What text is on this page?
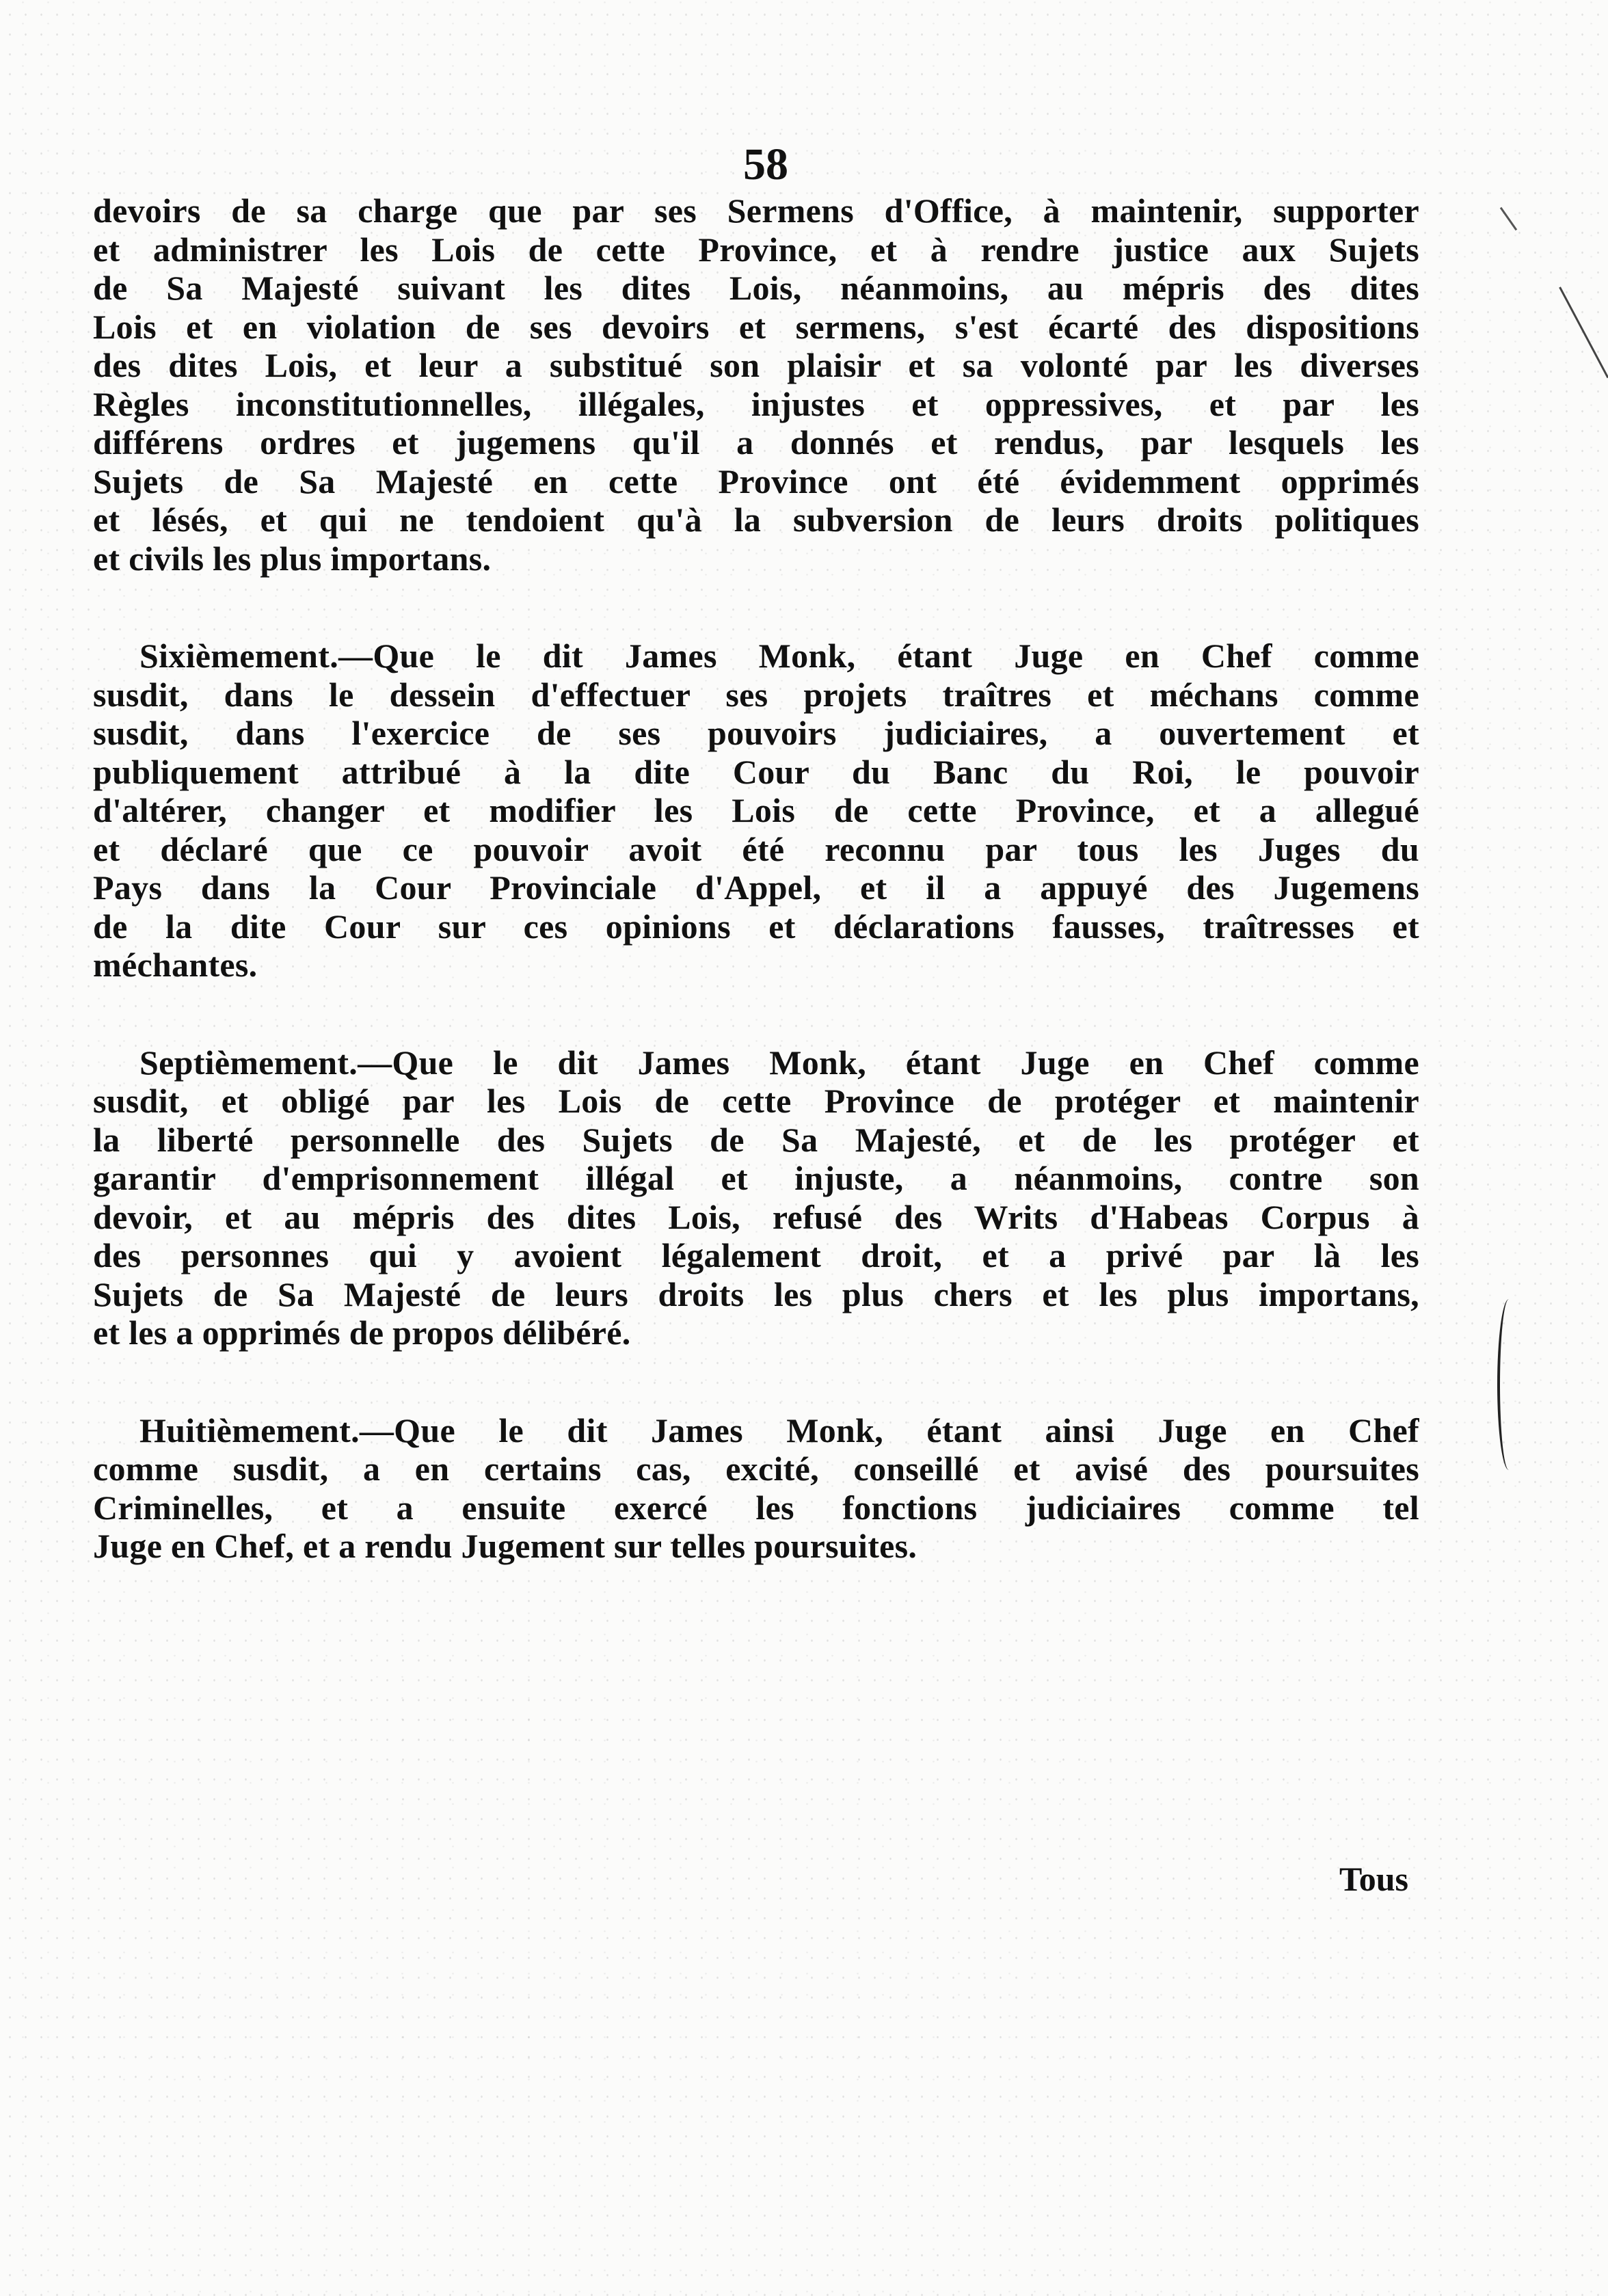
58

devoirs de sa charge que par ses Sermens d'Office, à maintenir, supporter
et administrer les Lois de cette Province, et à rendre justice aux Sujets
de Sa Majesté suivant les dites Lois, néanmoins, au mépris des dites
Lois et en violation de ses devoirs et sermens, s'est écarté des dispositions
des dites Lois, et leur a substitué son plaisir et sa volonté par les diverses
Règles inconstitutionnelles, illégales, injustes et oppressives, et par les
différens ordres et jugemens qu'il a donnés et rendus, par lesquels les
Sujets de Sa Majesté en cette Province ont été évidemment opprimés
et lésés, et qui ne tendoient qu'à la subversion de leurs droits politiques
et civils les plus importans.

Sixièmement.—Que le dit James Monk, étant Juge en Chef comme
susdit, dans le dessein d'effectuer ses projets traîtres et méchans comme
susdit, dans l'exercice de ses pouvoirs judiciaires, a ouvertement et
publiquement attribué à la dite Cour du Banc du Roi, le pouvoir
d'altérer, changer et modifier les Lois de cette Province, et a allegué
et déclaré que ce pouvoir avoit été reconnu par tous les Juges du
Pays dans la Cour Provinciale d'Appel, et il a appuyé des Jugemens
de la dite Cour sur ces opinions et déclarations fausses, traîtresses et
méchantes.

Septièmement.—Que le dit James Monk, étant Juge en Chef comme
susdit, et obligé par les Lois de cette Province de protéger et maintenir
la liberté personnelle des Sujets de Sa Majesté, et de les protéger et
garantir d'emprisonnement illégal et injuste, a néanmoins, contre son
devoir, et au mépris des dites Lois, refusé des Writs d'Habeas Corpus à
des personnes qui y avoient légalement droit, et a privé par là les
Sujets de Sa Majesté de leurs droits les plus chers et les plus importans,
et les a opprimés de propos délibéré.

Huitièmement.—Que le dit James Monk, étant ainsi Juge en Chef
comme susdit, a en certains cas, excité, conseillé et avisé des poursuites
Criminelles, et a ensuite exercé les fonctions judiciaires comme tel
Juge en Chef, et a rendu Jugement sur telles poursuites.

Tous
